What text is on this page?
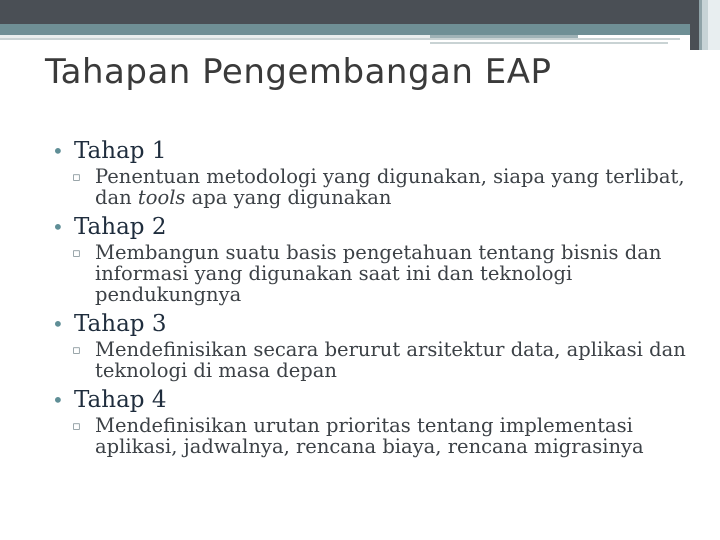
Tahapan Pengembangan EAP
• Tahap 1
▫ Penentuan metodologi yang digunakan, siapa yang terlibat, dan tools apa yang digunakan
• Tahap 2
▫ Membangun suatu basis pengetahuan tentang bisnis dan informasi yang digunakan saat ini dan teknologi pendukungnya
• Tahap 3
▫ Mendefinisikan secara berurut arsitektur data, aplikasi dan teknologi di masa depan
• Tahap 4
▫ Mendefinisikan urutan prioritas tentang implementasi aplikasi, jadwalnya, rencana biaya, rencana migrasinya
